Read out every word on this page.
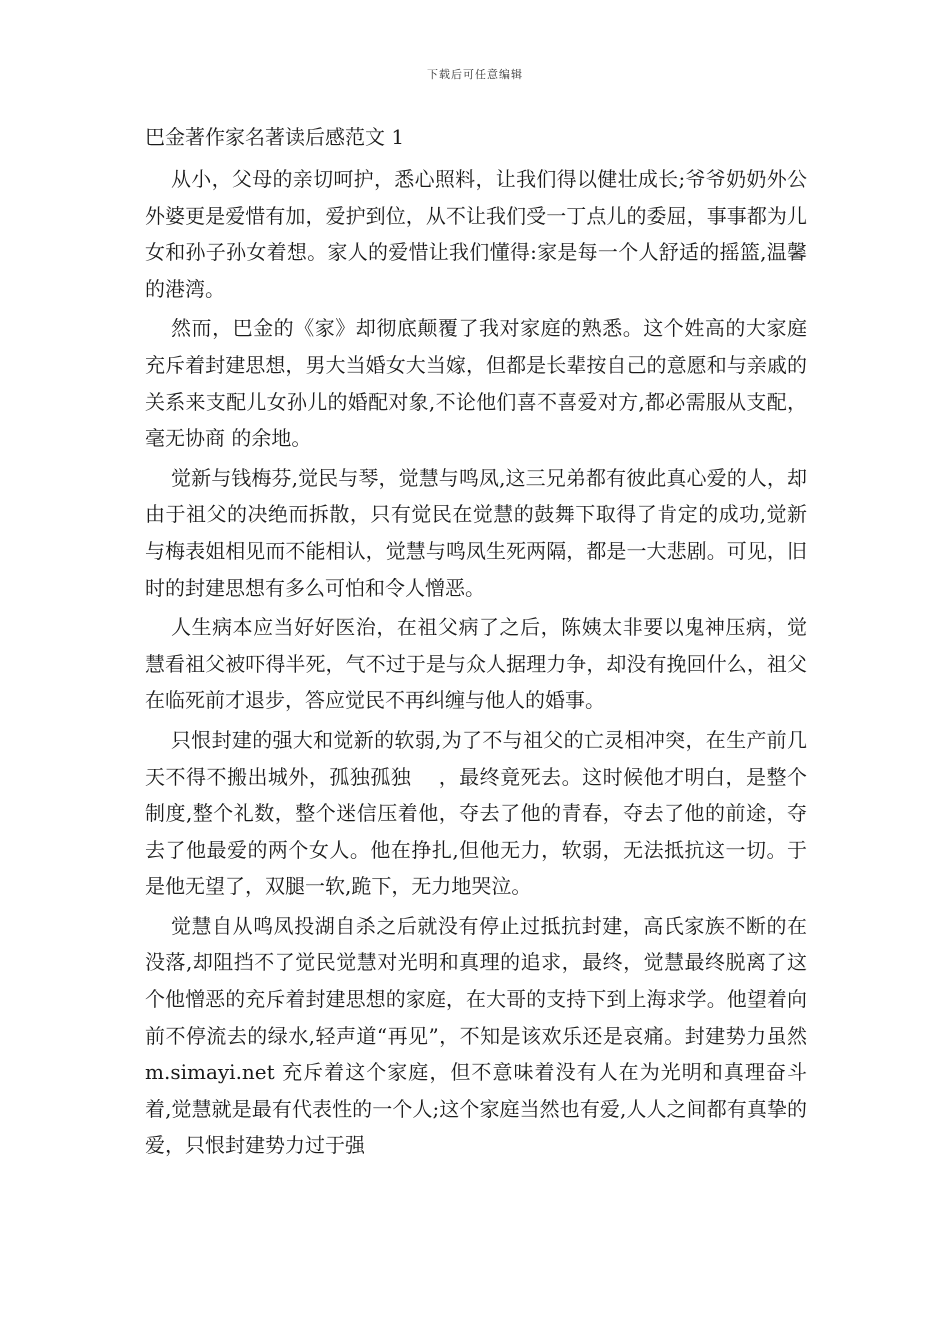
下载后可任意编辑
巴金著作家名著读后感范文 1

从小，父母的亲切呵护，悉心照料，让我们得以健壮成长;爷爷奶奶外公外婆更是爱惜有加，爱护到位，从不让我们受一丁点儿的委屈，事事都为儿女和孙子孙女着想。家人的爱惜让我们懂得:家是每一个人舒适的摇篮,温馨的港湾。

然而，巴金的《家》却彻底颠覆了我对家庭的熟悉。这个姓高的大家庭充斥着封建思想，男大当婚女大当嫁，但都是长辈按自己的意愿和与亲戚的关系来支配儿女孙儿的婚配对象,不论他们喜不喜爱对方,都必需服从支配，毫无协商 的余地。

觉新与钱梅芬,觉民与琴，觉慧与鸣凤,这三兄弟都有彼此真心爱的人，却由于祖父的决绝而拆散，只有觉民在觉慧的鼓舞下取得了肯定的成功,觉新与梅表姐相见而不能相认，觉慧与鸣凤生死两隔，都是一大悲剧。可见，旧时的封建思想有多么可怕和令人憎恶。

人生病本应当好好医治，在祖父病了之后，陈姨太非要以鬼神压病，觉慧看祖父被吓得半死，气不过于是与众人据理力争，却没有挽回什么，祖父在临死前才退步，答应觉民不再纠缠与他人的婚事。

只恨封建的强大和觉新的软弱,为了不与祖父的亡灵相冲突，在生产前几天不得不搬出城外，孤独孤独　 ，最终竟死去。这时候他才明白，是整个制度,整个礼数，整个迷信压着他，夺去了他的青春，夺去了他的前途，夺去了他最爱的两个女人。他在挣扎,但他无力，软弱，无法抵抗这一切。于是他无望了，双腿一软,跪下，无力地哭泣。

觉慧自从鸣凤投湖自杀之后就没有停止过抵抗封建，高氏家族不断的在没落,却阻挡不了觉民觉慧对光明和真理的追求，最终，觉慧最终脱离了这个他憎恶的充斥着封建思想的家庭，在大哥的支持下到上海求学。他望着向前不停流去的绿水,轻声道“再见”，不知是该欢乐还是哀痛。封建势力虽然 m.simayi.net 充斥着这个家庭，但不意味着没有人在为光明和真理奋斗着,觉慧就是最有代表性的一个人;这个家庭当然也有爱,人人之间都有真挚的爱，只恨封建势力过于强
